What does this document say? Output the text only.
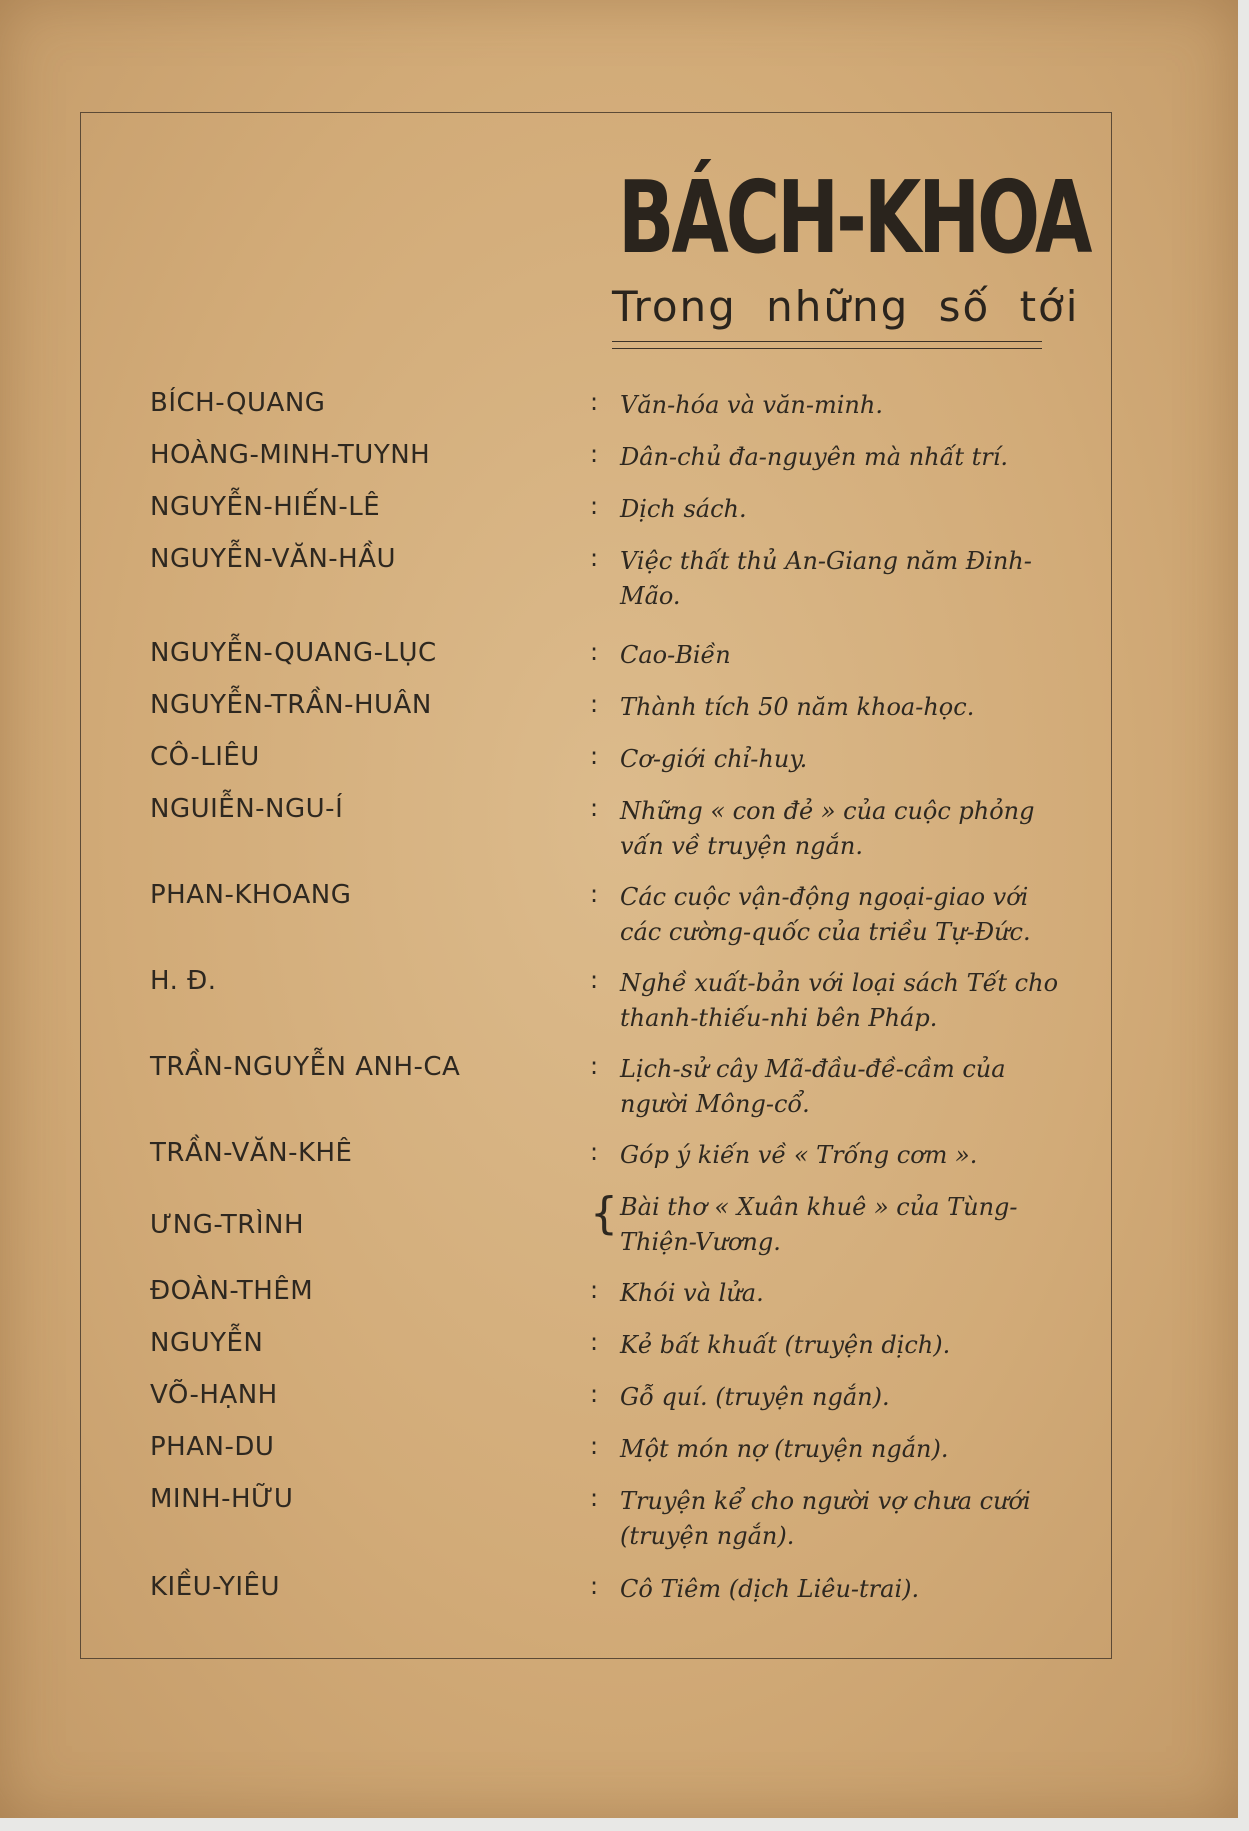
BÁCH-KHOA
Trong những số tới
BÍCH-QUANG	: Văn-hóa và văn-minh.
HOÀNG-MINH-TUYNH	: Dân-chủ đa-nguyên mà nhất trí.
NGUYỄN-HIẾN-LÊ	: Dịch sách.
NGUYỄN-VĂN-HẦU	: Việc thất thủ An-Giang năm Đinh-Mão.
NGUYỄN-QUANG-LỤC	: Cao-Biền
NGUYỄN-TRẦN-HUÂN	: Thành tích 50 năm khoa-học.
CÔ-LIÊU	: Cơ-giới chỉ-huy.
NGUIỄN-NGU-Í	: Những « con đẻ » của cuộc phỏng vấn về truyện ngắn.
PHAN-KHOANG	: Các cuộc vận-động ngoại-giao với các cường-quốc của triều Tự-Đức.
H. Đ.	: Nghề xuất-bản với loại sách Tết cho thanh-thiếu-nhi bên Pháp.
TRẦN-NGUYỄN ANH-CA	: Lịch-sử cây Mã-đầu-đề-cầm của người Mông-cổ.
TRẦN-VĂN-KHÊ	: Góp ý kiến về « Trống cơm ».
ƯNG-TRÌNH	{ Bài thơ « Xuân khuê » của Tùng-Thiện-Vương.
ĐOÀN-THÊM	: Khói và lửa.
NGUYỄN	: Kẻ bất khuất (truyện dịch).
VÕ-HẠNH	: Gỗ quí. (truyện ngắn).
PHAN-DU	: Một món nợ (truyện ngắn).
MINH-HỮU	: Truyện kể cho người vợ chưa cưới (truyện ngắn).
KIỀU-YIÊU	: Cô Tiêm (dịch Liêu-trai).
